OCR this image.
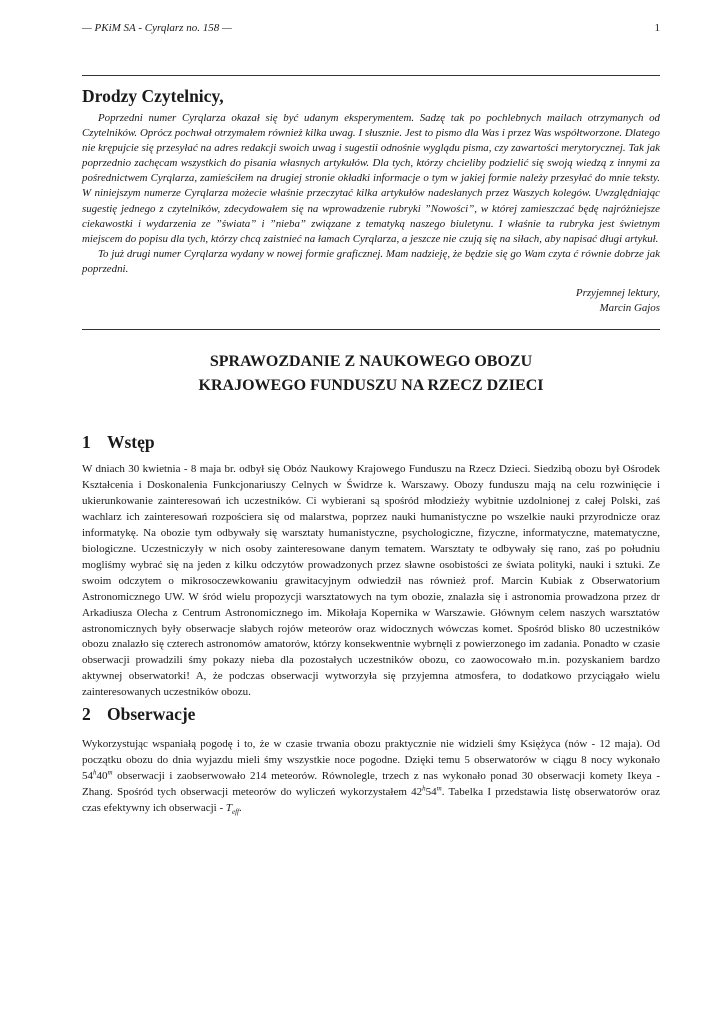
— PKiM SA - Cyrqlarz no. 158 —	1
Drodzy Czytelnicy,

Poprzedni numer Cyrqlarza okazał się być udanym eksperymentem. Sadzę tak po pochlebnych mailach otrzymanych od Czytelników. Oprócz pochwał otrzymałem również kilka uwag. I słusznie. Jest to pismo dla Was i przez Was współtworzone. Dlatego nie krępujcie się przesyłać na adres redakcji swoich uwag i sugestii odnośnie wyglądu pisma, czy zawartości merytorycznej. Tak jak poprzednio zachęcam wszystkich do pisania własnych artykułów. Dla tych, którzy chcieliby podzielić się swoją wiedzą z innymi za pośrednictwem Cyrqlarza, zamieściłem na drugiej stronie okładki informacje o tym w jakiej formie należy przesyłać do mnie teksty. W niniejszym numerze Cyrqlarza możecie właśnie przeczytać kilka artykułów nadesłanych przez Waszych kolegów. Uwzględniając sugestię jednego z czytelników, zdecydowałem się na wprowadzenie rubryki ”Nowości”, w której zamieszczać będę najróżniejsze ciekawostki i wydarzenia ze ”świata” i ”nieba” związane z tematyką naszego biuletynu. I właśnie ta rubryka jest świetnym miejscem do popisu dla tych, którzy chcą zaistnieć na łamach Cyrqlarza, a jeszcze nie czują się na siłach, aby napisać długi artykuł.

To już drugi numer Cyrqlarza wydany w nowej formie graficznej. Mam nadzieję, że będzie się go Wam czyta ć równie dobrze jak poprzedni.

Przyjemnej lektury,
Marcin Gajos
SPRAWOZDANIE Z NAUKOWEGO OBOZU
KRAJOWEGO FUNDUSZU NA RZECZ DZIECI
1 Wstęp

W dniach 30 kwietnia - 8 maja br. odbył się Obóz Naukowy Krajowego Funduszu na Rzecz Dzieci. Siedzibą obozu był Ośrodek Kształcenia i Doskonalenia Funkcjonariuszy Celnych w Świdrze k. Warszawy. Obozy funduszu mają na celu rozwinięcie i ukierunkowanie zainteresowań ich uczestników. Ci wybierani są spośród młodzieży wybitnie uzdolnionej z całej Polski, zaś wachlarz ich zainteresowań rozpościera się od malarstwa, poprzez nauki humanistyczne po wszelkie nauki przyrodnicze oraz informatykę. Na obozie tym odbywały się warsztaty humanistyczne, psychologiczne, fizyczne, informatyczne, matematyczne, biologiczne. Uczestniczyły w nich osoby zainteresowane danym tematem. Warsztaty te odbywały się rano, zaś po południu mogliśmy wybrać się na jeden z kilku odczytów prowadzonych przez sławne osobistości ze świata polityki, nauki i sztuki. Ze swoim odczytem o mikrosoczewkowaniu grawitacyjnym odwiedził nas również prof. Marcin Kubiak z Obserwatorium Astronomicznego UW. W śród wielu propozycji warsztatowych na tym obozie, znalazła się i astronomia prowadzona przez dr Arkadiusza Olecha z Centrum Astronomicznego im. Mikołaja Kopernika w Warszawie. Głównym celem naszych warsztatów astronomicznych były obserwacje słabych rojów meteorów oraz widocznych wówczas komet. Spośród blisko 80 uczestników obozu znalazło się czterech astronomów amatorów, którzy konsekwentnie wybrnęli z powierzonego im zadania. Ponadto w czasie obserwacji prowadzili śmy pokazy nieba dla pozostałych uczestników obozu, co zaowocowało m.in. pozyskaniem bardzo aktywnej obserwatorki! A, że podczas obserwacji wytworzyła się przyjemna atmosfera, to dodatkowo przyciągało wielu zainteresowanych uczestników obozu.

2 Obserwacje

Wykorzystując wspaniałą pogodę i to, że w czasie trwania obozu praktycznie nie widzieli śmy Księżyca (nów - 12 maja). Od początku obozu do dnia wyjazdu mieli śmy wszystkie noce pogodne. Dzięki temu 5 obserwatorów w ciągu 8 nocy wykonało 54$^h$40$^m$ obserwacji i zaobserwowało 214 meteorów. Równolegle, trzech z nas wykonało ponad 30 obserwacji komety Ikeya - Zhang. Spośród tych obserwacji meteorów do wyliczeń wykorzystałem 42$^h$54$^m$. Tabelka I przedstawia listę obserwatorów oraz czas efektywny ich obserwacji - $T_{eff}$.
